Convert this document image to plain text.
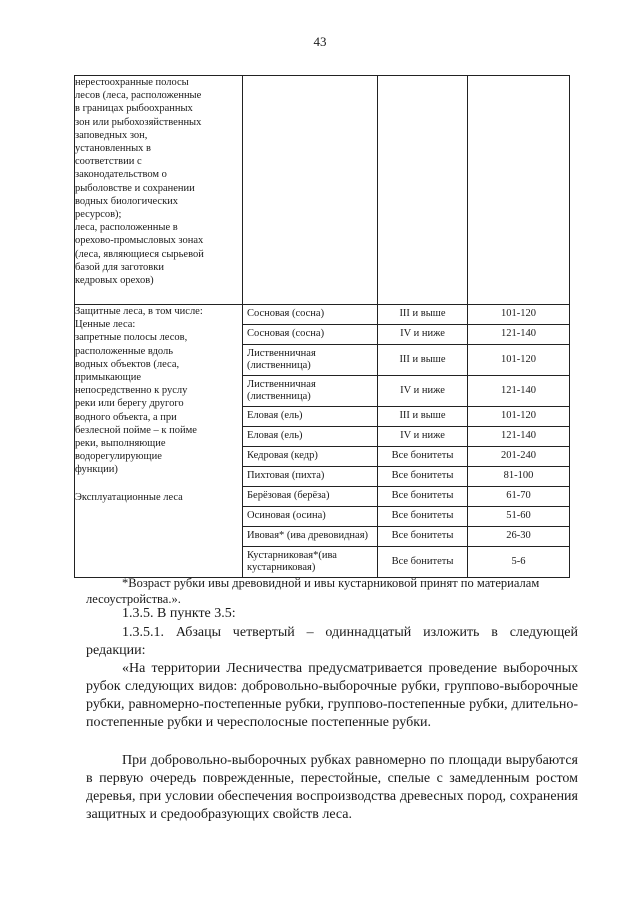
43
нерестоохранные полосы
лесов (леса, расположенные
в границах рыбоохранных
зон или рыбохозяйственных
заповедных зон,
установленных в
соответствии с
законодательством о
рыболовстве и сохранении
водных биологических
ресурсов);
леса, расположенные в
орехово-промысловых зонах
(леса, являющиеся сырьевой
базой для заготовки
кедровых орехов)

Защитные леса, в том числе:
Ценные леса:
запретные полосы лесов,
расположенные вдоль
водных объектов (леса,
примыкающие
непосредственно к руслу
реки или берегу другого
водного объекта, а при
безлесной пойме – к пойме
реки, выполняющие
водорегулирующие
функции)
Эксплуатационные леса

Сосновая (сосна)	III и выше	101-120
Сосновая (сосна)	IV и ниже	121-140
Лиственничная (лиственница)	III и выше	101-120
Лиственничная (лиственница)	IV и ниже	121-140
Еловая (ель)	III и выше	101-120
Еловая (ель)	IV и ниже	121-140
Кедровая (кедр)	Все бонитеты	201-240
Пихтовая (пихта)	Все бонитеты	81-100
Берёзовая (берёза)	Все бонитеты	61-70
Осиновая (осина)	Все бонитеты	51-60
Ивовая* (ива древовидная)	Все бонитеты	26-30
Кустарниковая*(ива кустарниковая)	Все бонитеты	5-6
*Возраст рубки ивы древовидной и ивы кустарниковой принят по материалам лесоустройства.».
1.3.5. В пункте 3.5:
1.3.5.1. Абзацы четвертый – одиннадцатый изложить в следующей редакции:
«На территории Лесничества предусматривается проведение выборочных рубок следующих видов: добровольно-выборочные рубки, группово-выборочные рубки, равномерно-постепенные рубки, группово-постепенные рубки, длительно-постепенные рубки и чересполосные постепенные рубки.
При добровольно-выборочных рубках равномерно по площади вырубаются в первую очередь поврежденные, перестойные, спелые с замедленным ростом деревья, при условии обеспечения воспроизводства древесных пород, сохранения защитных и средообразующих свойств леса.
